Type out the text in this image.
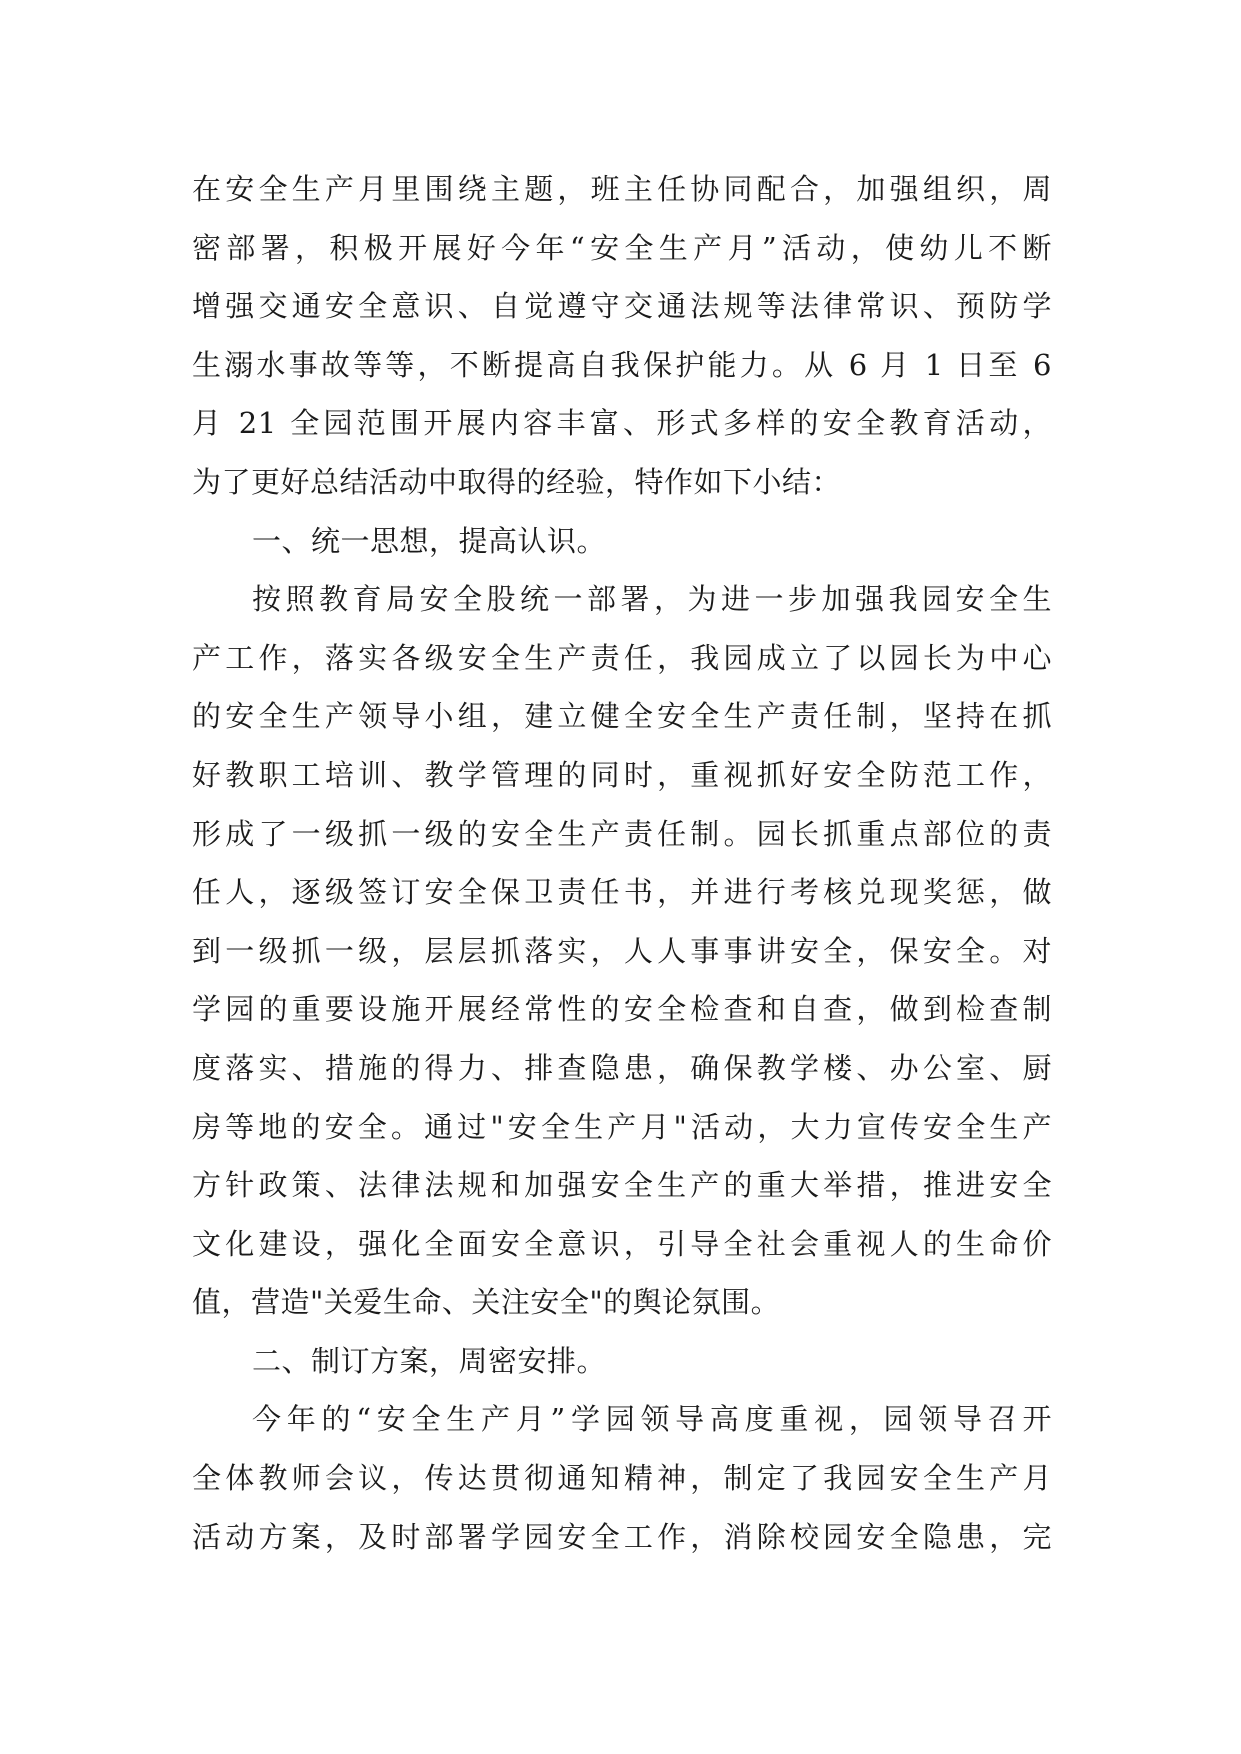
在安全生产月里围绕主题，班主任协同配合，加强组织，周
密部署，积极开展好今年“安全生产月”活动，使幼儿不断
增强交通安全意识、自觉遵守交通法规等法律常识、预防学
生溺水事故等等，不断提高自我保护能力。从 6 月 1 日至 6
月 21 全园范围开展内容丰富、形式多样的安全教育活动，
为了更好总结活动中取得的经验，特作如下小结：
一、统一思想，提高认识。
按照教育局安全股统一部署，为进一步加强我园安全生
产工作，落实各级安全生产责任，我园成立了以园长为中心
的安全生产领导小组，建立健全安全生产责任制，坚持在抓
好教职工培训、教学管理的同时，重视抓好安全防范工作，
形成了一级抓一级的安全生产责任制。园长抓重点部位的责
任人，逐级签订安全保卫责任书，并进行考核兑现奖惩，做
到一级抓一级，层层抓落实，人人事事讲安全，保安全。对
学园的重要设施开展经常性的安全检查和自查，做到检查制
度落实、措施的得力、排查隐患，确保教学楼、办公室、厨
房等地的安全。通过"安全生产月"活动，大力宣传安全生产
方针政策、法律法规和加强安全生产的重大举措，推进安全
文化建设，强化全面安全意识，引导全社会重视人的生命价
值，营造"关爱生命、关注安全"的舆论氛围。
二、制订方案，周密安排。
今年的“安全生产月”学园领导高度重视，园领导召开
全体教师会议，传达贯彻通知精神，制定了我园安全生产月
活动方案，及时部署学园安全工作，消除校园安全隐患，完
